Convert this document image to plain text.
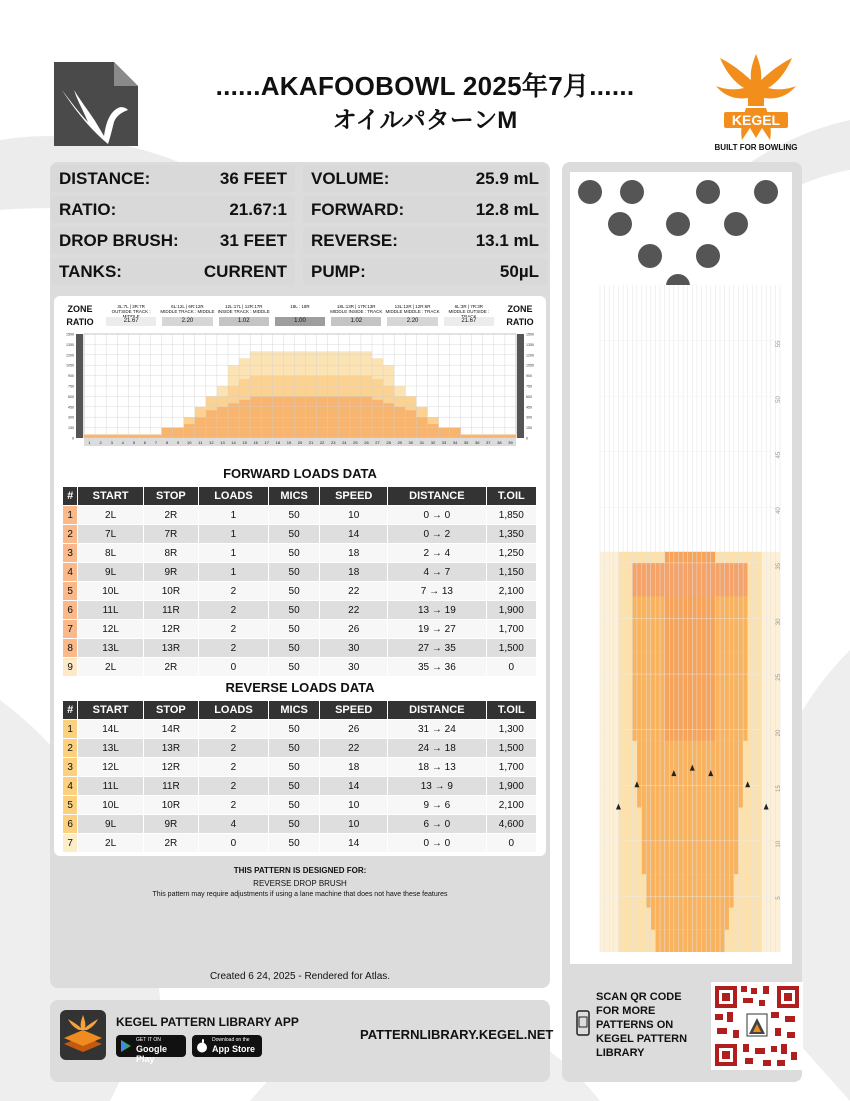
......AKAFOOBOWL 2025年7月......
オイルパターンM	KEGEL
BUILT FOR BOWLING
DISTANCE:	36 FEET
RATIO:	21.67:1
DROP BRUSH: 31 FEET
TANKS:	CURRENT
VOLUME:	25.9 mL
FORWARD:	12.8 mL
REVERSE:	13.1 mL
PUMP:	50µL
ZONE
RATIO
ZONE
RATIO
3L:7L | 3R:7R
OUTSIDE TRACK :
21.67
6L:12L | 6R:12R
MIDDLE TRACK : MIDDLE
2.20
12L:17L | 12R:17R
INSIDE TRACK : MIDDLE
1.02
18L : 18R
1.00
18L:13R | 17R:13R
MIDDLE INSIDE : TRACK
1.02
13L:12R | 12R:6R
MIDDLE MIDDLE : TRACK
2.20
6L:3R | 7R:3R
MIDDLE OUTSIDE :
21.67
1500	1500
1350	1350
1200	1200
1050	1050
900	900
750	750
600	600
450	450
300	300
150	150
0	0
1 2 3 4 5 6 7 8 9 10 11 12 13 14 15 16 17 18 19 20 21 22 23 24 25 26 27 28 29 30 31 32 33 34 35 36 37 38 39
FORWARD LOADS DATA
#	START	STOP	LOADS	MICS	SPEED	DISTANCE	T.OIL
1	2L	2R	1	50	10	0 → 0	1,850
2	7L	7R	1	50	14	0 → 2	1,350
3	8L	8R	1	50	18	2 → 4	1,250
4	9L	9R	1	50	18	4 → 7	1,150
5	10L	10R	2	50	22	7 → 13	2,100
6	11L	11R	2	50	22	13 → 19	1,900
7	12L	12R	2	50	26	19 → 27	1,700
8	13L	13R	2	50	30	27 → 35	1,500
9	2L	2R	0	50	30	35 → 36	0
REVERSE LOADS DATA
#	START	STOP	LOADS	MICS	SPEED	DISTANCE	T.OIL
1	14L	14R	2	50	26	31 → 24	1,300
2	13L	13R	2	50	22	24 → 18	1,500
3	12L	12R	2	50	18	18 → 13	1,700
4	11L	11R	2	50	14	13 → 9	1,900
5	10L	10R	2	50	10	9 → 6	2,100
6	9L	9R	4	50	10	6 → 0	4,600
7	2L	2R	0	50	14	0 → 0	0
THIS PATTERN IS DESIGNED FOR:
REVERSE DROP BRUSH
This pattern may require adjustments if using a lane machine that does not have these features
Created 6 24, 2025 - Rendered for Atlas.
55
50
45
40
35
30
25
20
15
10
5
KEGEL PATTERN LIBRARY APP
GET IT ON
Google Play
Download on the
App Store
PATTERNLIBRARY.KEGEL.NET
SCAN QR CODE FOR MORE PATTERNS ON KEGEL PATTERN LIBRARY
